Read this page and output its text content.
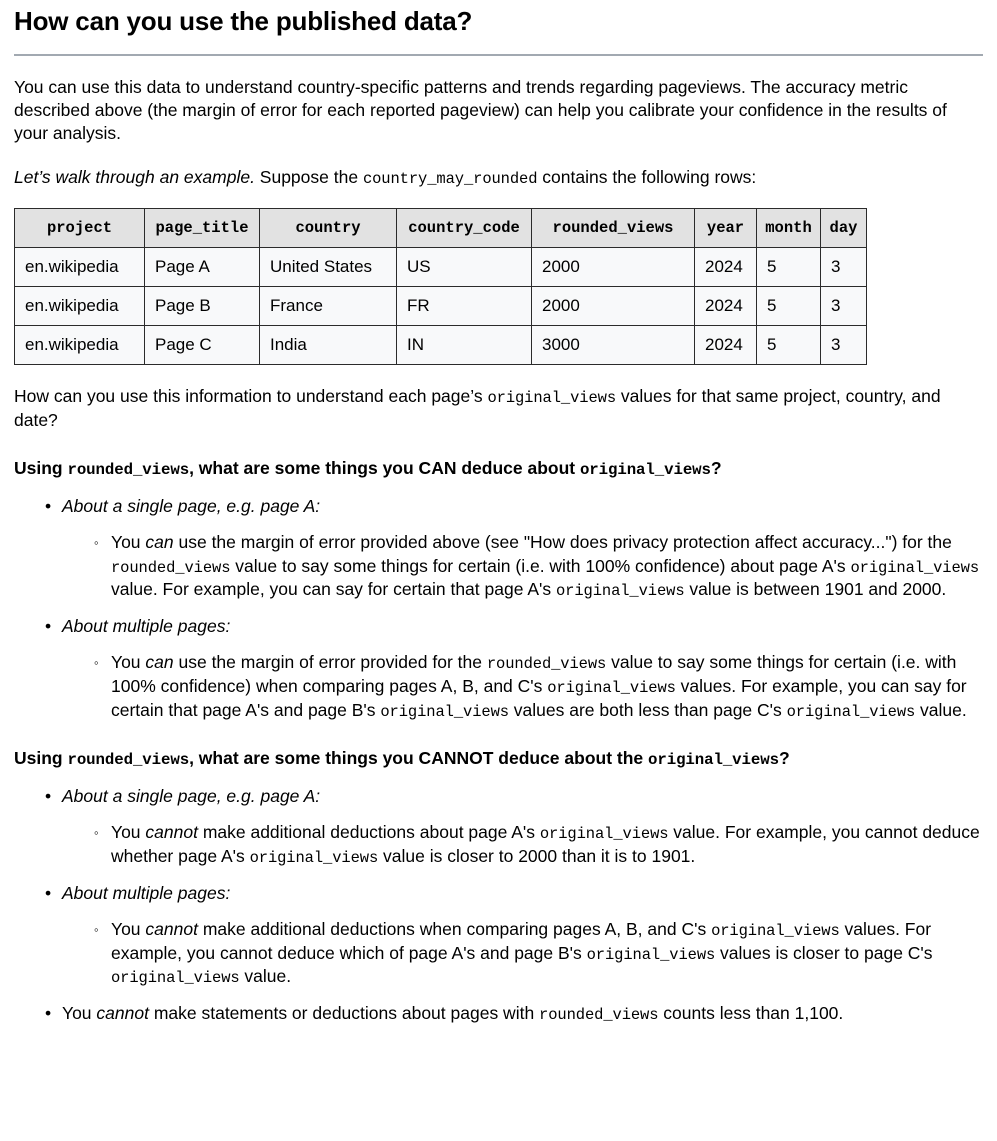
How can you use the published data?

You can use this data to understand country-specific patterns and trends regarding pageviews. The accuracy metric described above (the margin of error for each reported pageview) can help you calibrate your confidence in the results of your analysis.

Let’s walk through an example. Suppose the country_may_rounded contains the following rows:

project	page_title	country	country_code	rounded_views	year	month	day
en.wikipedia	Page A	United States	US	2000	2024	5	3
en.wikipedia	Page B	France	FR	2000	2024	5	3
en.wikipedia	Page C	India	IN	3000	2024	5	3

How can you use this information to understand each page’s original_views values for that same project, country, and date?

Using rounded_views, what are some things you CAN deduce about original_views?
• About a single page, e.g. page A:
◦ You can use the margin of error provided above (see "How does privacy protection affect accuracy...") for the rounded_views value to say some things for certain (i.e. with 100% confidence) about page A's original_views value. For example, you can say for certain that page A's original_views value is between 1901 and 2000.
• About multiple pages:
◦ You can use the margin of error provided for the rounded_views value to say some things for certain (i.e. with 100% confidence) when comparing pages A, B, and C's original_views values. For example, you can say for certain that page A's and page B's original_views values are both less than page C's original_views value.
Using rounded_views, what are some things you CANNOT deduce about the original_views?
• About a single page, e.g. page A:
◦ You cannot make additional deductions about page A's original_views value. For example, you cannot deduce whether page A's original_views value is closer to 2000 than it is to 1901.
• About multiple pages:
◦ You cannot make additional deductions when comparing pages A, B, and C's original_views values. For example, you cannot deduce which of page A's and page B's original_views values is closer to page C's original_views value.
• You cannot make statements or deductions about pages with rounded_views counts less than 1,100.
